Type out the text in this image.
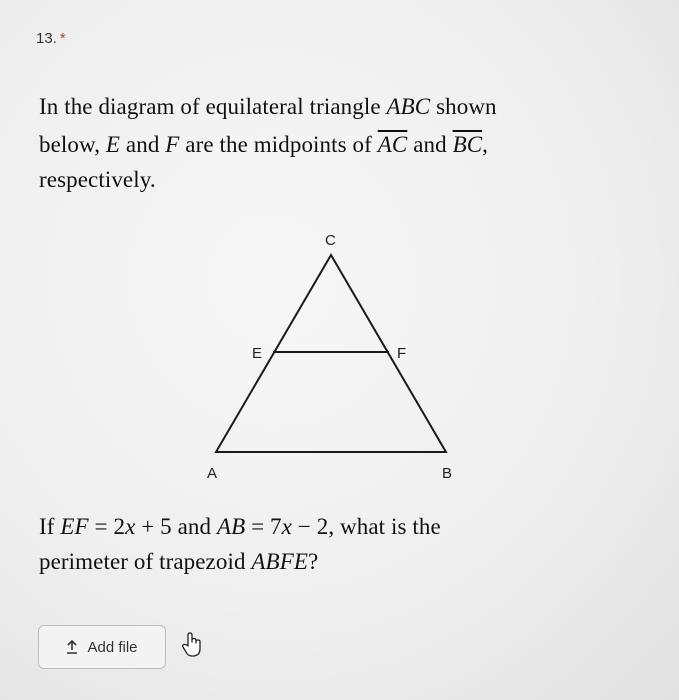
13. *
In the diagram of equilateral triangle ABC shown
below, E and F are the midpoints of $\overline{AC}$ and $\overline{BC}$,
respectively.
C
E	F
A	B
If EF = 2x + 5 and AB = 7x − 2, what is the
perimeter of trapezoid ABFE?
Add file
